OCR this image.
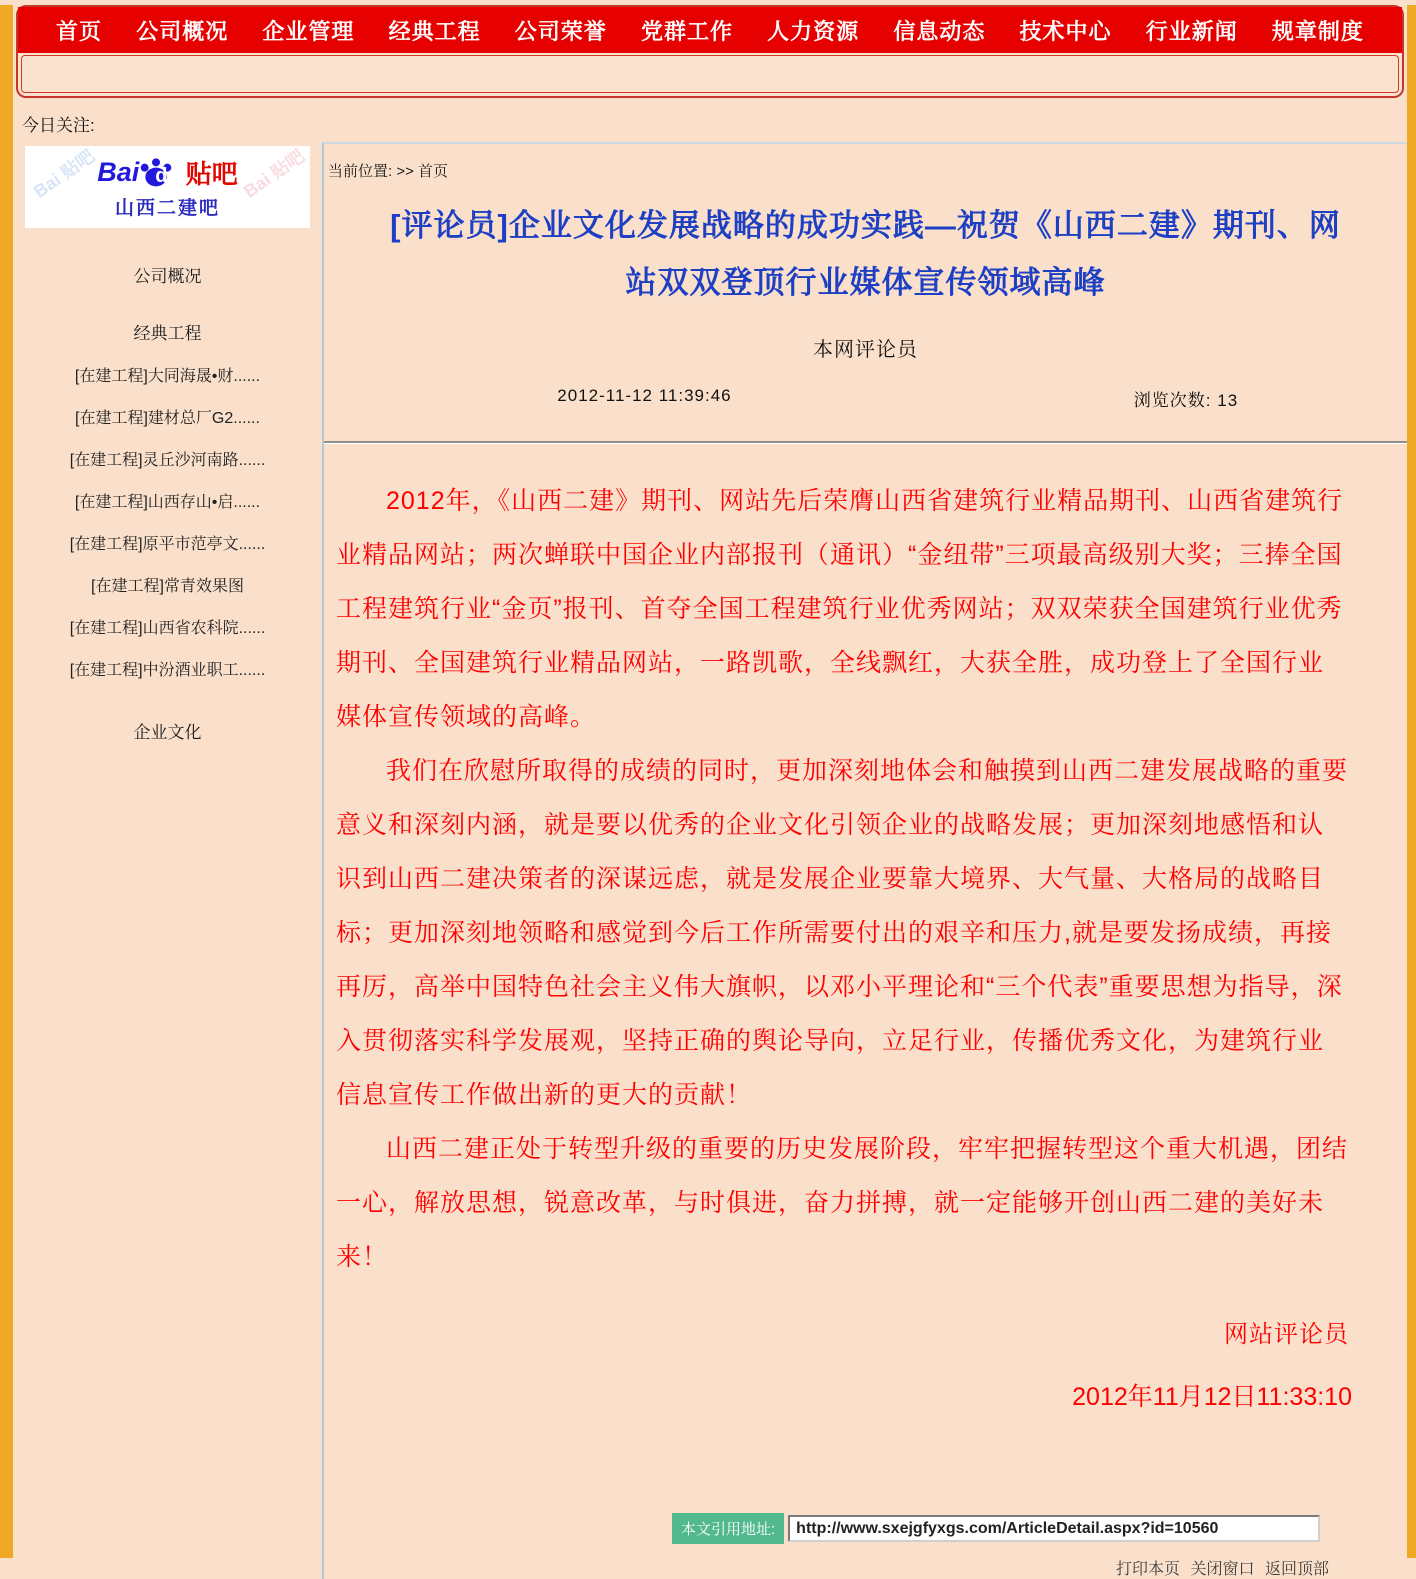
首页 公司概况 企业管理 经典工程 公司荣誉 党群工作 人力资源 信息动态 技术中心 行业新闻 规章制度
今日关注:
Bai 贴吧	Bai 贴吧
Bai du 贴吧
山西二建吧
公司概况
经典工程
[在建工程]大同海晟•财......
[在建工程]建材总厂G2......
[在建工程]灵丘沙河南路......
[在建工程]山西存山•启......
[在建工程]原平市范亭文......
[在建工程]常青效果图
[在建工程]山西省农科院......
[在建工程]中汾酒业职工......
企业文化
当前位置: >> 首页
[评论员]企业文化发展战略的成功实践—祝贺《山西二建》期刊、网站双双登顶行业媒体宣传领域高峰
本网评论员
2012-11-12 11:39:46	浏览次数: 13

2012年，《山西二建》期刊、网站先后荣膺山西省建筑行业精品期刊、山西省建筑行业精品网站；两次蝉联中国企业内部报刊（通讯）“金纽带”三项最高级别大奖；三捧全国工程建筑行业“金页”报刊、首夺全国工程建筑行业优秀网站；双双荣获全国建筑行业优秀期刊、全国建筑行业精品网站，一路凯歌，全线飘红，大获全胜，成功登上了全国行业媒体宣传领域的高峰。

我们在欣慰所取得的成绩的同时，更加深刻地体会和触摸到山西二建发展战略的重要意义和深刻内涵，就是要以优秀的企业文化引领企业的战略发展；更加深刻地感悟和认识到山西二建决策者的深谋远虑，就是发展企业要靠大境界、大气量、大格局的战略目标；更加深刻地领略和感觉到今后工作所需要付出的艰辛和压力,就是要发扬成绩，再接再厉，高举中国特色社会主义伟大旗帜，以邓小平理论和“三个代表”重要思想为指导，深入贯彻落实科学发展观，坚持正确的舆论导向，立足行业，传播优秀文化，为建筑行业信息宣传工作做出新的更大的贡献！

山西二建正处于转型升级的重要的历史发展阶段，牢牢把握转型这个重大机遇，团结一心，解放思想，锐意改革，与时俱进，奋力拼搏，就一定能够开创山西二建的美好未来！

网站评论员
2012年11月12日11:33:10
本文引用地址:
http://www.sxejgfyxgs.com/ArticleDetail.aspx?id=10560
打印本页 关闭窗口 返回顶部
